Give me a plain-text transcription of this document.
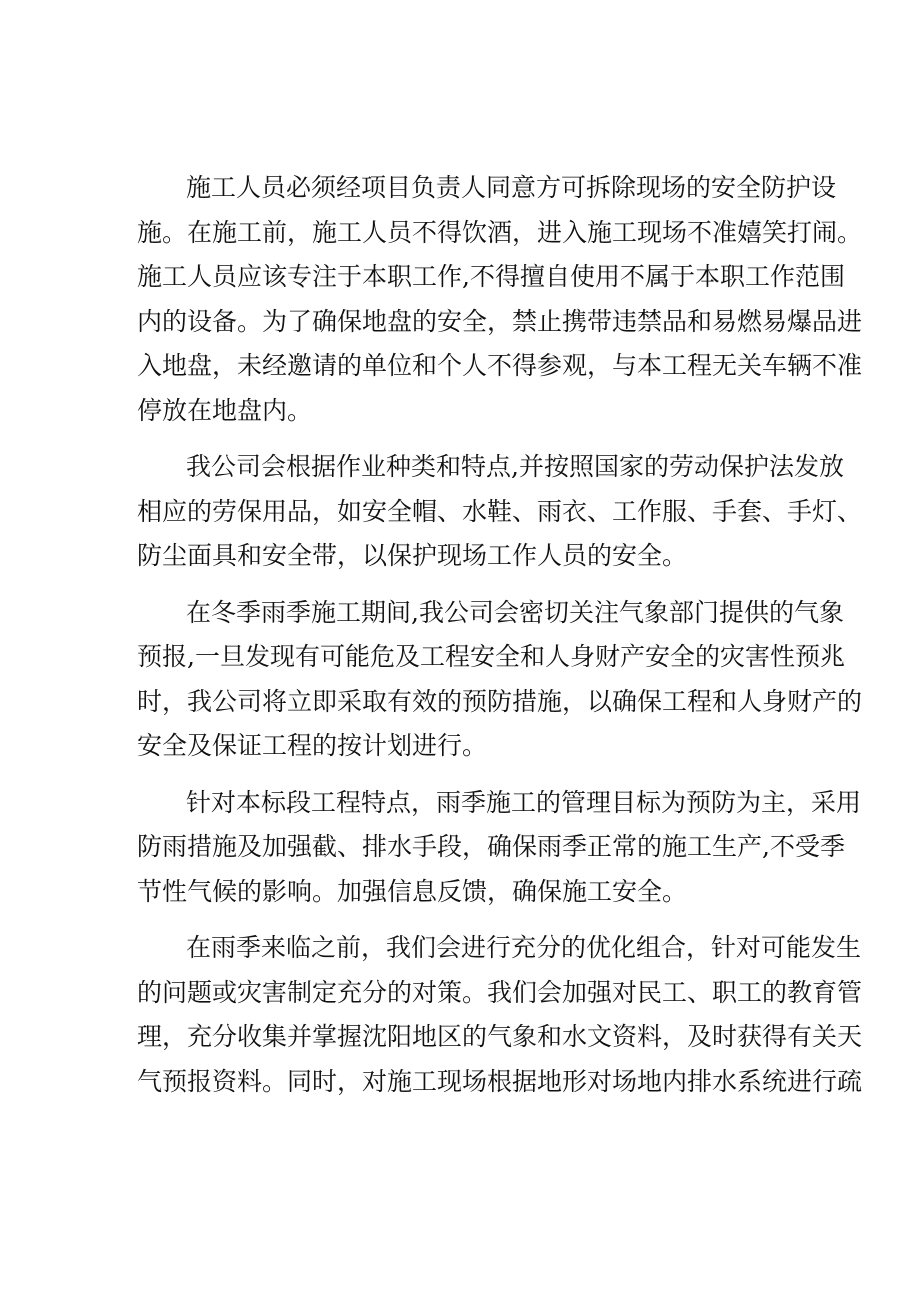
施工人员必须经项目负责人同意方可拆除现场的安全防护设
施。在施工前，施工人员不得饮酒，进入施工现场不准嬉笑打闹。
施工人员应该专注于本职工作,不得擅自使用不属于本职工作范围
内的设备。为了确保地盘的安全，禁止携带违禁品和易燃易爆品进
入地盘，未经邀请的单位和个人不得参观，与本工程无关车辆不准
停放在地盘内。

我公司会根据作业种类和特点,并按照国家的劳动保护法发放
相应的劳保用品，如安全帽、水鞋、雨衣、工作服、手套、手灯、
防尘面具和安全带，以保护现场工作人员的安全。

在冬季雨季施工期间,我公司会密切关注气象部门提供的气象
预报,一旦发现有可能危及工程安全和人身财产安全的灾害性预兆
时，我公司将立即采取有效的预防措施，以确保工程和人身财产的
安全及保证工程的按计划进行。

针对本标段工程特点，雨季施工的管理目标为预防为主，采用
防雨措施及加强截、排水手段，确保雨季正常的施工生产,不受季
节性气候的影响。加强信息反馈，确保施工安全。

在雨季来临之前，我们会进行充分的优化组合，针对可能发生
的问题或灾害制定充分的对策。我们会加强对民工、职工的教育管
理，充分收集并掌握沈阳地区的气象和水文资料，及时获得有关天
气预报资料。同时，对施工现场根据地形对场地内排水系统进行疏
